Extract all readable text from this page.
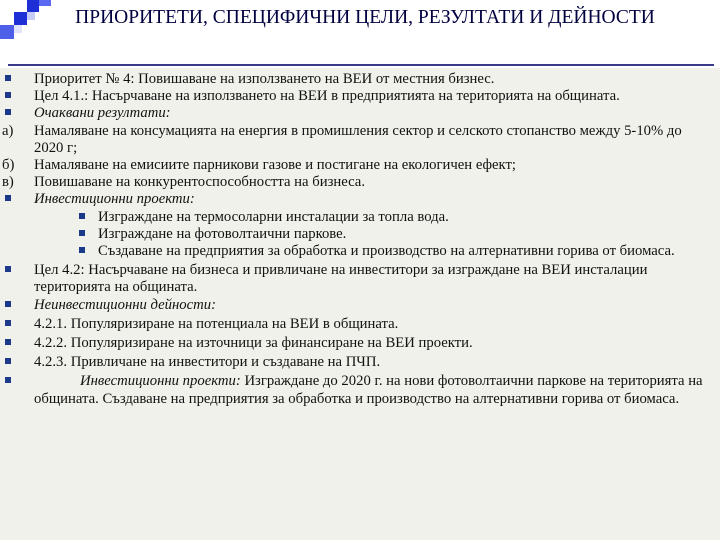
ПРИОРИТЕТИ, СПЕЦИФИЧНИ ЦЕЛИ, РЕЗУЛТАТИ И ДЕЙНОСТИ
Приоритет № 4: Повишаване на използването на ВЕИ от местния бизнес.
Цел 4.1.: Насърчаване на използването на ВЕИ в предприятията на територията на общината.
Очаквани резултати:
а)	Намаляване на консумацията на енергия в промишления сектор и селското стопанство между 5-10% до 2020 г;
б)	Намаляване на емисиите парникови газове и постигане на екологичен ефект;
в)	Повишаване на конкурентоспособността на бизнеса.
Инвестиционни проекти:
Изграждане на термосоларни инсталации за топла вода.
Изграждане на фотоволтаични паркове.
Създаване на предприятия за обработка и производство на алтернативни горива от биомаса.
Цел 4.2: Насърчаване на бизнеса и привличане на инвеститори за изграждане на ВЕИ инсталации територията на общината.
Неинвестиционни дейности:
4.2.1. Популяризиране на потенциала на ВЕИ в общината.
4.2.2. Популяризиране на източници за финансиране на ВЕИ проекти.
4.2.3. Привличане на инвеститори и създаване на ПЧП.
Инвестиционни проекти: Изграждане до 2020 г. на нови фотоволтаични паркове на територията на общината. Създаване на предприятия за обработка и производство на алтернативни горива от биомаса.
